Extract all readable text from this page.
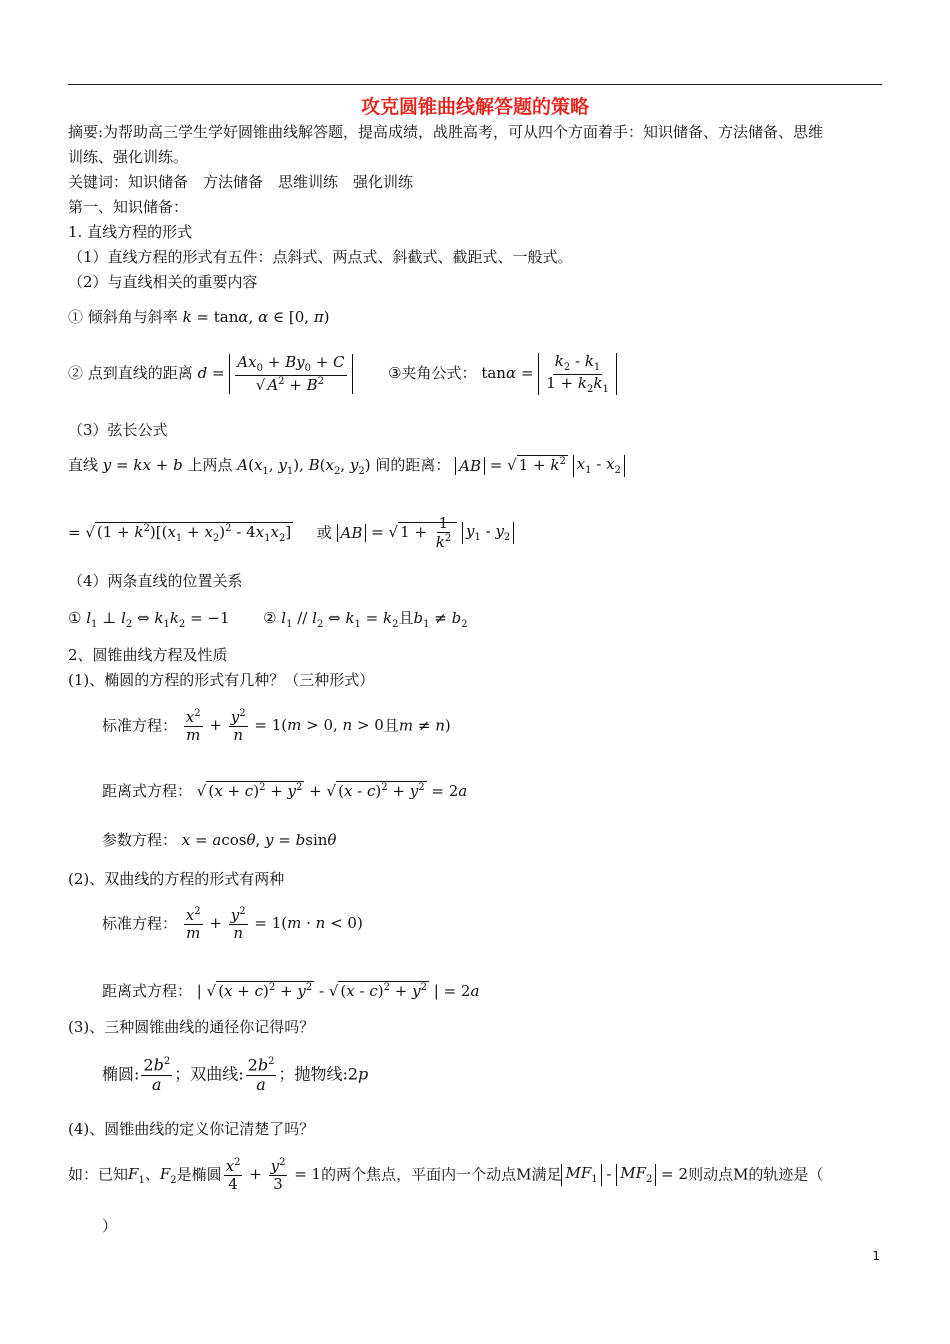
攻克圆锥曲线解答题的策略
摘要:为帮助高三学生学好圆锥曲线解答题，提高成绩，战胜高考，可从四个方面着手：知识储备、方法储备、思维
训练、强化训练。
关键词：知识储备　方法储备　思维训练　强化训练
第一、知识储备：
1. 直线方程的形式
（1）直线方程的形式有五件：点斜式、两点式、斜截式、截距式、一般式。
（2）与直线相关的重要内容
① 倾斜角与斜率 k = tanα, α ∈ [0, π)
② 点到直线的距离 $d = \frac{Ax_0 + By_0 + C}{√ A^2 + B^2}$	③夹角公式： $\tan\alpha = \frac{k_2 - k_1}{1 + k_2k_1}$
（3）弦长公式
直线 y = kx + b 上两点 $A(x_1$, $y_1$), $B(x_2$, $y_2$) 间的距离： AB = √ $1 + k^2$ $x_1 - x_2$
= √ $(1 + k^2)[(x_1 + x_2)^2 - 4x_1x_2]$ 或 AB = √ $1 + \frac{1}{k^2} y_1 - y_2$
（4）两条直线的位置关系
① $l_1$ ⊥ $l_2$ ⇔ $k_1k_2 = -1$ ② $l_1 // l_2$ ⇔ $k_1 = k_2$且$b_1 \ne b_2$
2、圆锥曲线方程及性质
(1)、椭圆的方程的形式有几种？（三种形式）
标准方程： $\frac{x^2}{m} + \frac{y^2}{n} = 1(m > 0$, n > 0且m ≠ n)
距离式方程： √ $(x + c)^2 + y^2$ + √ $(x - c)^2 + y^2 = 2a$
参数方程： x = acosθ, y = bsinθ
(2)、双曲线的方程的形式有两种
标准方程： $\frac{x^2}{m} + \frac{y^2}{n} = 1(m \cdot n < 0)$
距离式方程： | √ $(x + c)^2 + y^2$ - √ $(x - c)^2 + y^2$ | = 2a
(3)、三种圆锥曲线的通径你记得吗？
椭圆: $\frac{2b^2}{a}$ ；双曲线: $\frac{2b^2}{a}$ ；抛物线:2p
(4)、圆锥曲线的定义你记清楚了吗？
如：已知$F_1$、$F_2$是椭圆 $\frac{x^2}{4} + \frac{y^2}{3} = 1$的两个焦点，平面内一个动点M满足 $MF_1 - MF_2 = 2$则动点M的轨迹是（
）
1
